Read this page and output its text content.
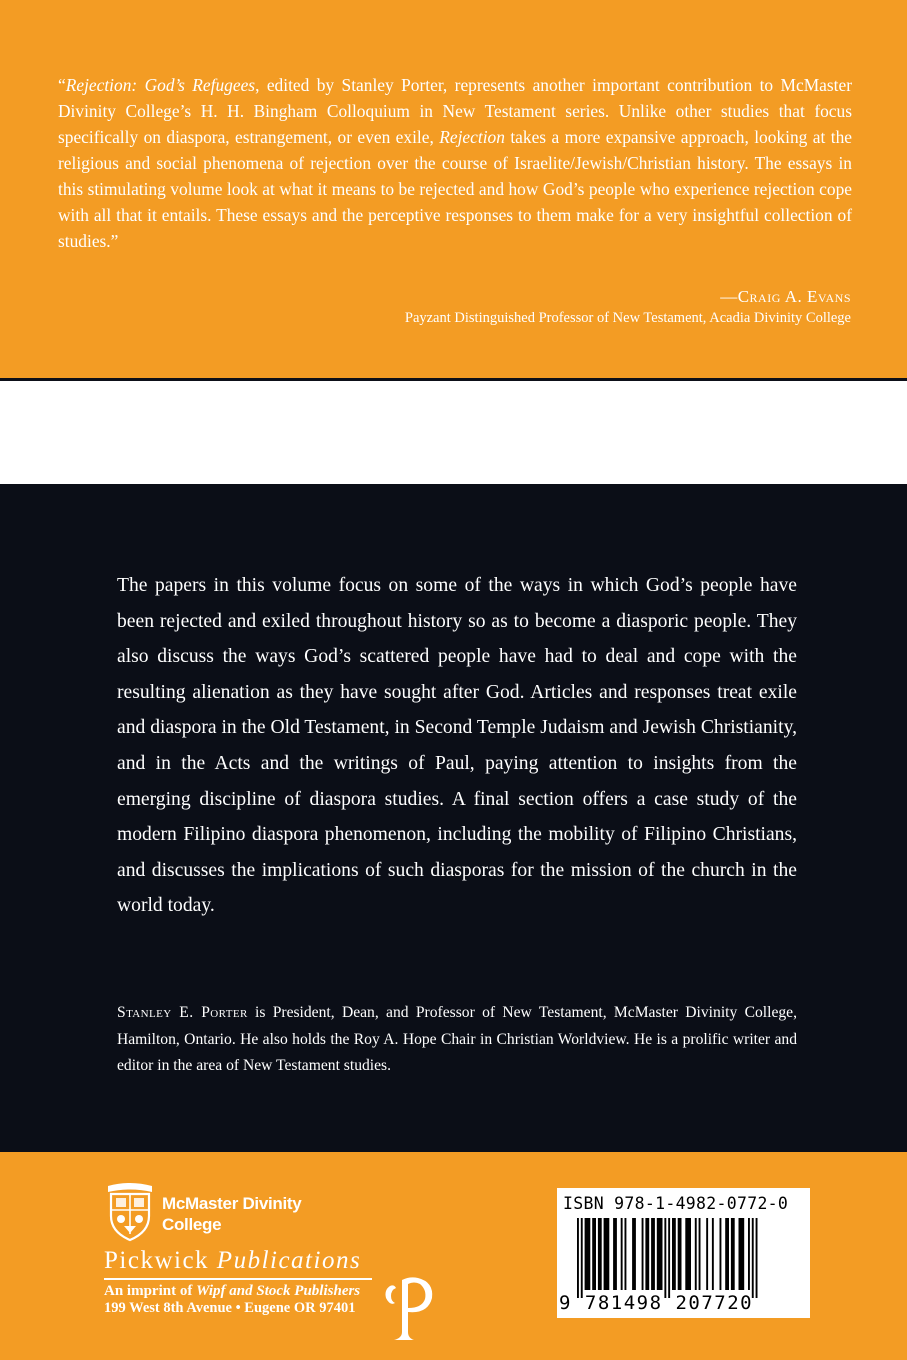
“Rejection: God’s Refugees, edited by Stanley Porter, represents another important contribution to McMaster Divinity College’s H. H. Bingham Colloquium in New Testament series. Unlike other studies that focus specifically on diaspora, estrangement, or even exile, Rejection takes a more expansive approach, looking at the religious and social phenomena of rejection over the course of Israelite/Jewish/Christian history. The essays in this stimulating volume look at what it means to be rejected and how God’s people who experience rejection cope with all that it entails. These essays and the perceptive responses to them make for a very insightful collection of studies.”

—Craig A. Evans
Payzant Distinguished Professor of New Testament, Acadia Divinity College

The papers in this volume focus on some of the ways in which God’s people have been rejected and exiled throughout history so as to become a diasporic people. They also discuss the ways God’s scattered people have had to deal and cope with the resulting alienation as they have sought after God. Articles and responses treat exile and diaspora in the Old Testament, in Second Temple Judaism and Jewish Christianity, and in the Acts and the writings of Paul, paying attention to insights from the emerging discipline of diaspora studies. A final section offers a case study of the modern Filipino diaspora phenomenon, including the mobility of Filipino Christians, and discusses the implications of such diasporas for the mission of the church in the world today.

Stanley E. Porter is President, Dean, and Professor of New Testament, McMaster Divinity College, Hamilton, Ontario. He also holds the Roy A. Hope Chair in Christian Worldview. He is a prolific writer and editor in the area of New Testament studies.

McMaster Divinity
College
Pickwick Publications
An imprint of Wipf and Stock Publishers
199 West 8th Avenue • Eugene OR 97401
ISBN 978-1-4982-0772-0
9 781498 207720
